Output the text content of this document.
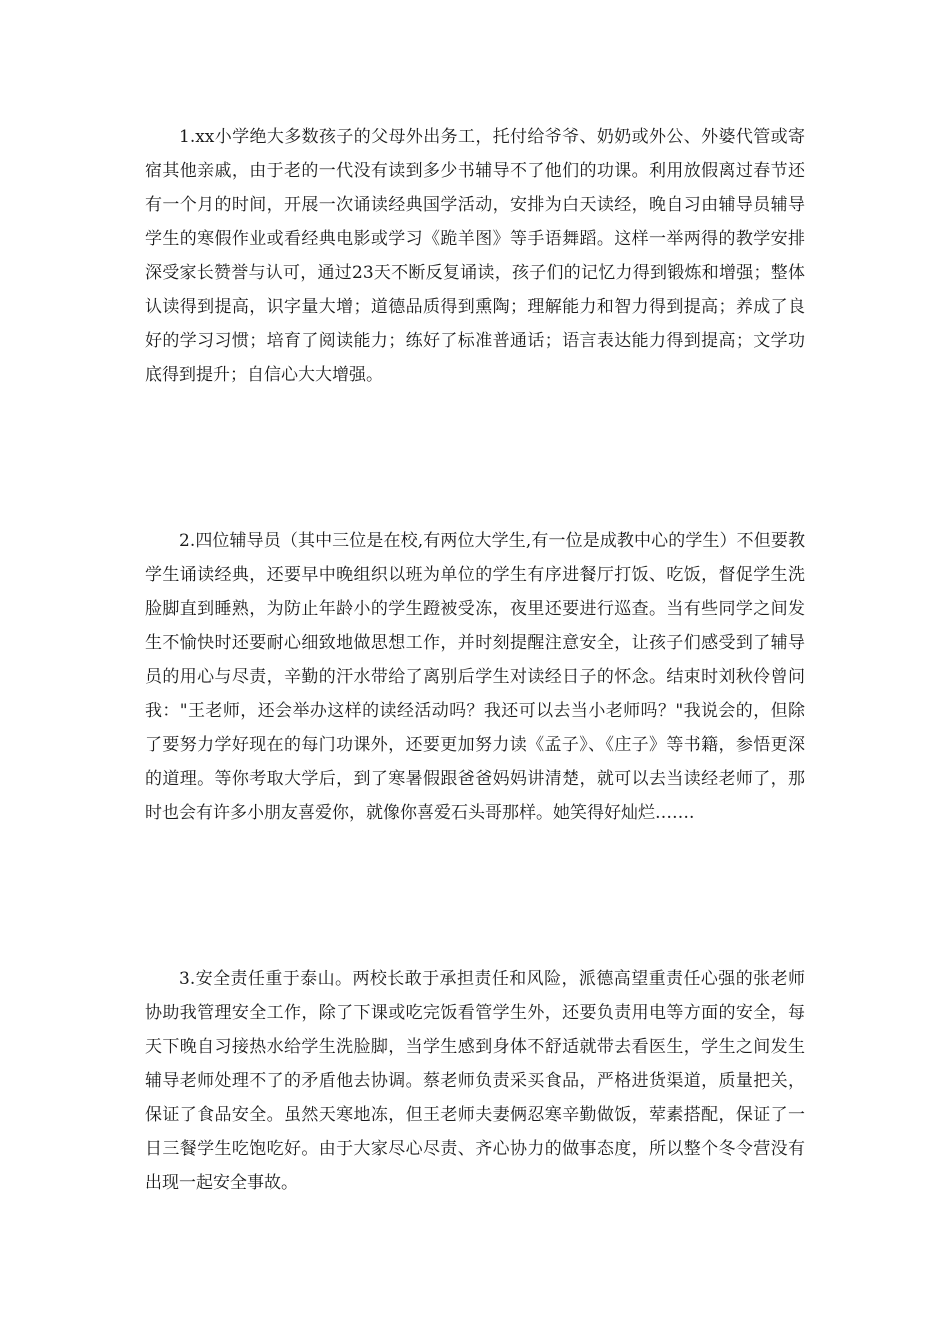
1.xx小学绝大多数孩子的父母外出务工，托付给爷爷、奶奶或外公、外婆代管或寄宿其他亲戚，由于老的一代没有读到多少书辅导不了他们的功课。利用放假离过春节还有一个月的时间，开展一次诵读经典国学活动，安排为白天读经，晚自习由辅导员辅导学生的寒假作业或看经典电影或学习《跪羊图》等手语舞蹈。这样一举两得的教学安排深受家长赞誉与认可，通过23天不断反复诵读，孩子们的记忆力得到锻炼和增强；整体认读得到提高，识字量大增；道德品质得到熏陶；理解能力和智力得到提高；养成了良好的学习习惯；培育了阅读能力；练好了标准普通话；语言表达能力得到提高；文学功底得到提升；自信心大大增强。

2.四位辅导员（其中三位是在校,有两位大学生,有一位是成教中心的学生）不但要教学生诵读经典，还要早中晚组织以班为单位的学生有序进餐厅打饭、吃饭，督促学生洗脸脚直到睡熟，为防止年龄小的学生蹬被受冻，夜里还要进行巡查。当有些同学之间发生不愉快时还要耐心细致地做思想工作，并时刻提醒注意安全，让孩子们感受到了辅导员的用心与尽责，辛勤的汗水带给了离别后学生对读经日子的怀念。结束时刘秋伶曾问我："王老师，还会举办这样的读经活动吗？我还可以去当小老师吗？"我说会的，但除了要努力学好现在的每门功课外，还要更加努力读《孟子》、《庄子》等书籍，参悟更深的道理。等你考取大学后，到了寒暑假跟爸爸妈妈讲清楚，就可以去当读经老师了，那时也会有许多小朋友喜爱你，就像你喜爱石头哥那样。她笑得好灿烂…….

3.安全责任重于泰山。两校长敢于承担责任和风险，派德高望重责任心强的张老师协助我管理安全工作，除了下课或吃完饭看管学生外，还要负责用电等方面的安全，每天下晚自习接热水给学生洗脸脚，当学生感到身体不舒适就带去看医生，学生之间发生辅导老师处理不了的矛盾他去协调。蔡老师负责采买食品，严格进货渠道，质量把关，保证了食品安全。虽然天寒地冻，但王老师夫妻俩忍寒辛勤做饭，荤素搭配，保证了一日三餐学生吃饱吃好。由于大家尽心尽责、齐心协力的做事态度，所以整个冬令营没有出现一起安全事故。
